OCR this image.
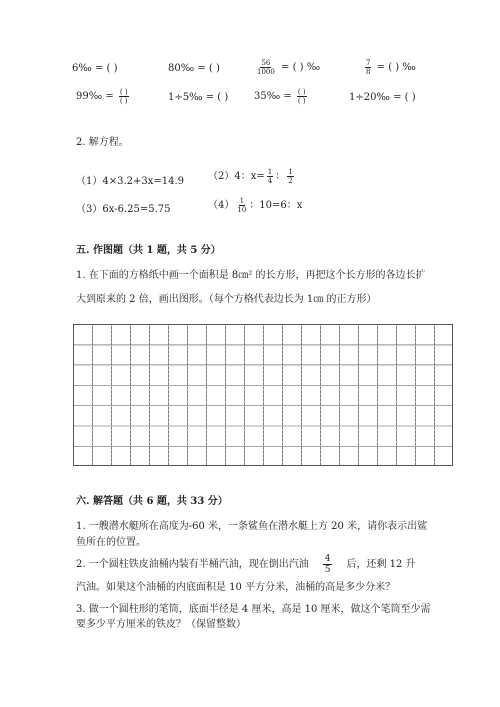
6‰ = ( )	80‰ = ( )	$\frac{56}{1000}$ = ( ) ‰	$\frac{7}{8}$ = ( ) ‰
99‰ = $\frac{( )}{( )}$	1÷5‰ = ( )	35‰ = $\frac{( )}{( )}$	1÷20‰ = ( )
2. 解方程。
（1）4×3.2+3x=14.9 （2）4：$x= \frac{1}{4}$ ： $\frac{1}{2}$
（3）6x-6.25=5.75	$(4) \frac{1}{10}$ ：10=6：x
五. 作图题（共 1 题，共 5 分）
1. 在下面的方格纸中画一个面积是 8㎝² 的长方形，再把这个长方形的各边长扩
大到原来的 2 倍，画出图形。（每个方格代表边长为 1㎝ 的正方形）
六. 解答题（共 6 题，共 33 分）
1. 一艘潜水艇所在高度为-60 米，一条鲨鱼在潜水艇上方 20 米，请你表示出鲨
鱼所在的位置。
2. 一个圆柱铁皮油桶内装有半桶汽油，现在倒出汽油 $\frac{4}{5}$ 后，还剩 12 升
汽油。如果这个油桶的内底面积是 10 平方分米，油桶的高是多少分米？
3. 做一个圆柱形的笔筒，底面半径是 4 厘米，高是 10 厘米，做这个笔筒至少需
要多少平方厘米的铁皮？（保留整数）
